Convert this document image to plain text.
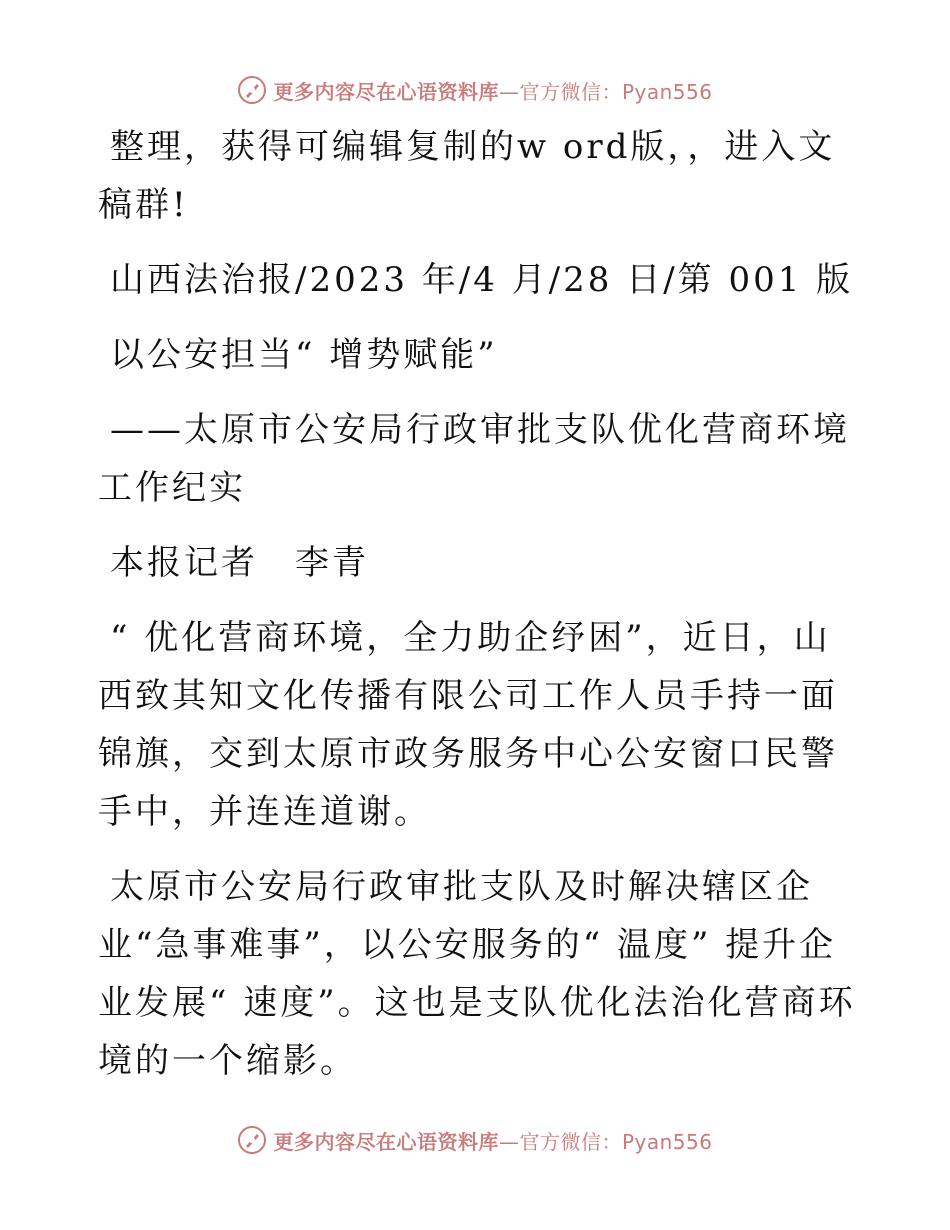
更多内容尽在心语资料库 —官方微信：Pyan556

整理，获得可编辑复制的w ord版，，进入文稿群!

山西法治报/2023 年/4 月/28 日/第 001 版

以公安担当“ 增势赋能”

——太原市公安局行政审批支队优化营商环境工作纪实

本报记者　李青

“ 优化营商环境，全力助企纾困”，近日，山西致其知文化传播有限公司工作人员手持一面锦旗，交到太原市政务服务中心公安窗口民警手中，并连连道谢。

太原市公安局行政审批支队及时解决辖区企业“急事难事”，以公安服务的“ 温度” 提升企业发展“ 速度”。这也是支队优化法治化营商环境的一个缩影。

更多内容尽在心语资料库 —官方微信：Pyan556
